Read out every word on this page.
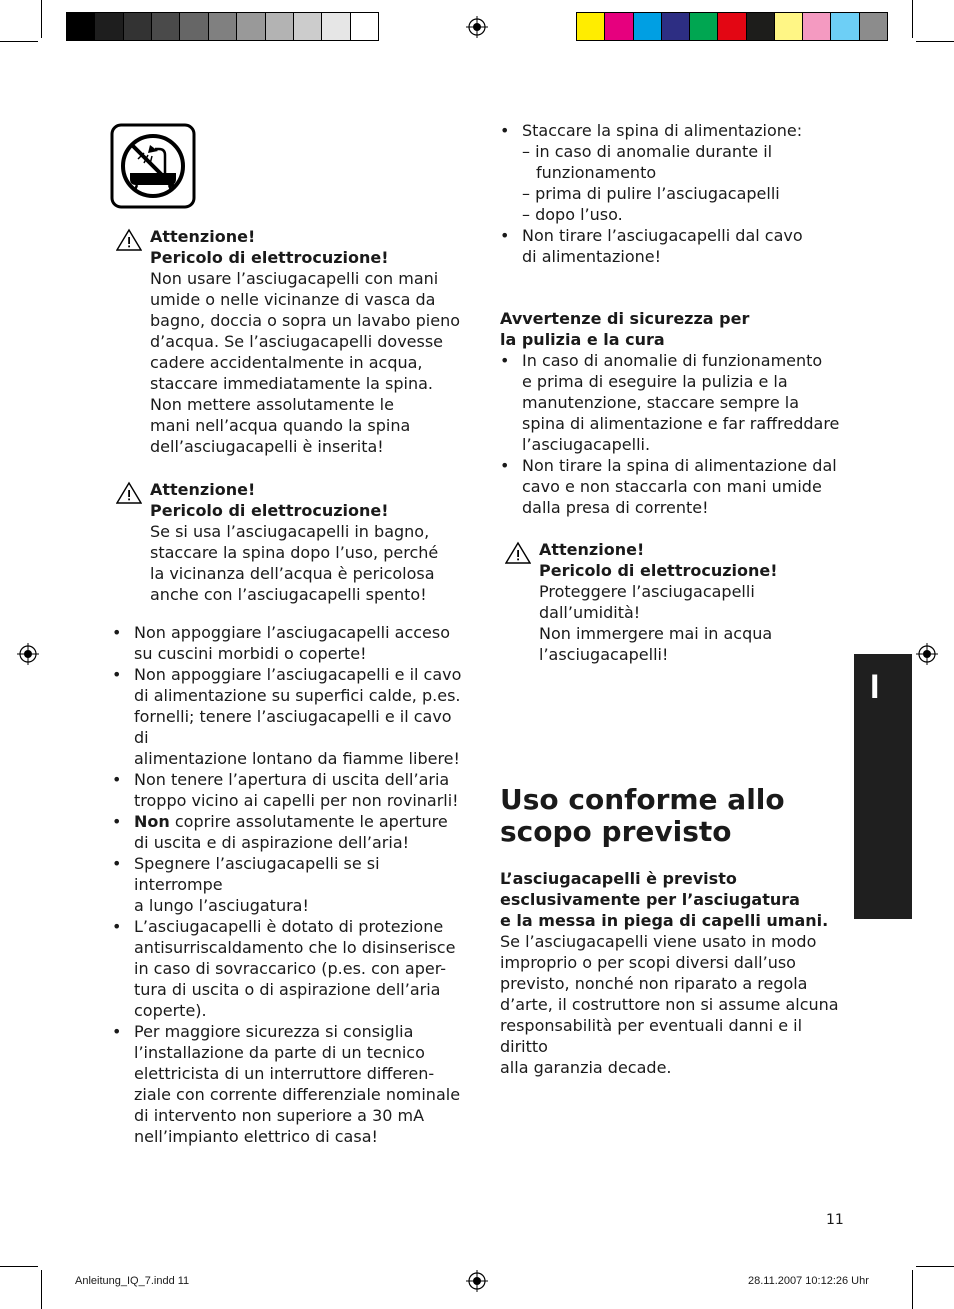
Attenzione!
Pericolo di elettrocuzione!
Non usare l’asciugacapelli con mani
umide o nelle vicinanze di vasca da
bagno, doccia o sopra un lavabo pieno
d’acqua. Se l’asciugacapelli dovesse
cadere accidentalmente in acqua,
staccare immediatamente la spina.
Non mettere assolutamente le
mani nell’acqua quando la spina
dell’asciugacapelli è inserita!
Attenzione!
Pericolo di elettrocuzione!
Se si usa l’asciugacapelli in bagno,
staccare la spina dopo l’uso, perché
la vicinanza dell’acqua è pericolosa
anche con l’asciugacapelli spento!
• Non appoggiare l’asciugacapelli acceso
su cuscini morbidi o coperte!
• Non appoggiare l’asciugacapelli e il cavo
di alimentazione su superfici calde, p.es.
fornelli; tenere l’asciugacapelli e il cavo di
alimentazione lontano da fiamme libere!
• Non tenere l’apertura di uscita dell’aria
troppo vicino ai capelli per non rovinarli!
• Non coprire assolutamente le aperture
di uscita e di aspirazione dell’aria!
• Spegnere l’asciugacapelli se si interrompe
a lungo l’asciugatura!
• L’asciugacapelli è dotato di protezione
antisurriscaldamento che lo disinserisce
in caso di sovraccarico (p.es. con aper-
tura di uscita o di aspirazione dell’aria
coperte).
• Per maggiore sicurezza si consiglia
l’installazione da parte di un tecnico
elettricista di un interruttore differen-
ziale con corrente differenziale nominale
di intervento non superiore a 30 mA
nell’impianto elettrico di casa!
• Staccare la spina di alimentazione:
– in caso di anomalie durante il
funzionamento
– prima di pulire l’asciugacapelli
– dopo l’uso.
• Non tirare l’asciugacapelli dal cavo
di alimentazione!
Avvertenze di sicurezza per
la pulizia e la cura
• In caso di anomalie di funzionamento
e prima di eseguire la pulizia e la
manutenzione, staccare sempre la
spina di alimentazione e far raffreddare
l’asciugacapelli.
• Non tirare la spina di alimentazione dal
cavo e non staccarla con mani umide
dalla presa di corrente!
Attenzione!
Pericolo di elettrocuzione!
Proteggere l’asciugacapelli
dall’umidità!
Non immergere mai in acqua
l’asciugacapelli!
Uso conforme allo
scopo previsto
L’asciugacapelli è previsto
esclusivamente per l’asciugatura
e la messa in piega di capelli umani.
Se l’asciugacapelli viene usato in modo
improprio o per scopi diversi dall’uso
previsto, nonché non riparato a regola
d’arte, il costruttore non si assume alcuna
responsabilità per eventuali danni e il diritto
alla garanzia decade.
I
11
Anleitung_IQ_7.indd 11	28.11.2007 10:12:26 Uhr
